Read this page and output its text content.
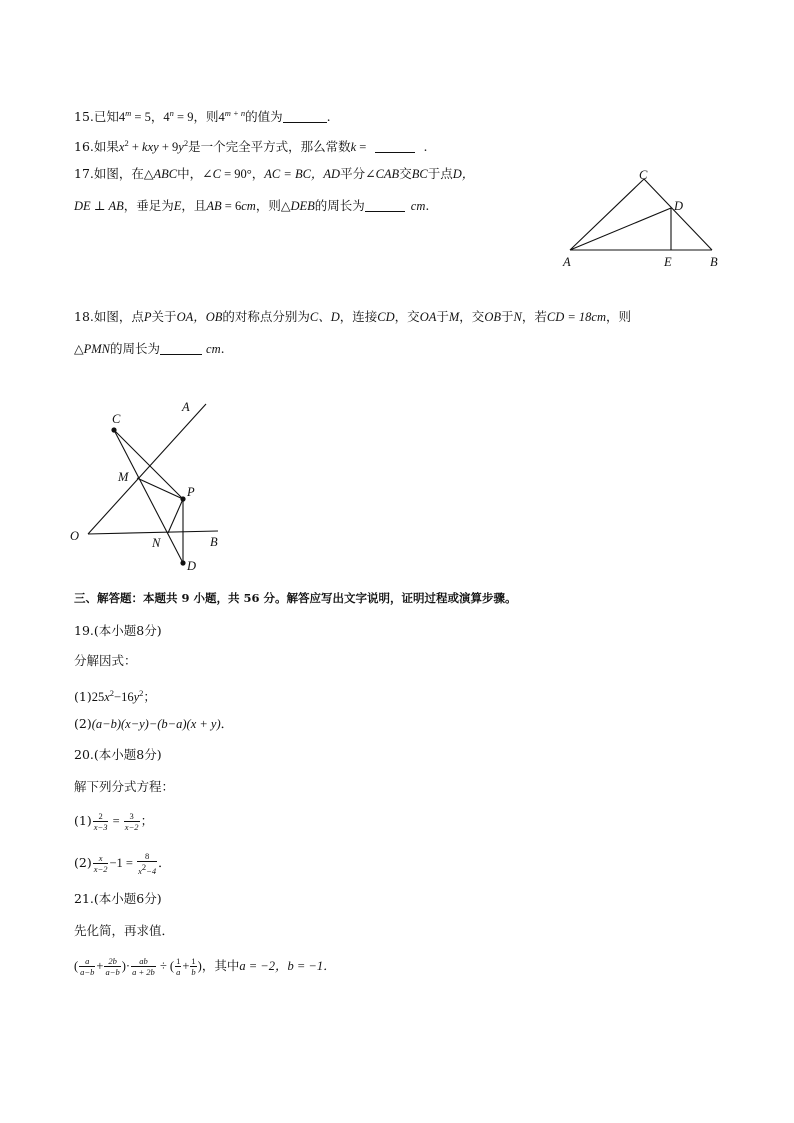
15.已知$4^m = 5$，$4^n = 9$，则$4^{m + n}$的值为	.
16.如果$x^2$ + kxy + $9y^2$是一个完全平方式，那么常数k =	.
17.如图，在△ABC中，∠C = 90°，AC = BC，AD平分∠CAB交BC于点D，
DE ⊥ AB，垂足为E，且AB = 6cm，则△DEB的周长为	cm.
C
D
A	E	B
18.如图，点P关于OA，OB的对称点分别为C、D，连接CD，交OA于M，交OB于N，若CD = 18cm，则
△PMN的周长为	cm.
C
A
M
P
O	N	B
D
三、解答题：本题共 9 小题，共 56 分。解答应写出文字说明，证明过程或演算步骤。
19.(本小题8分)
分解因式：
$(1)25x^2-16y^2$；
(2)(a−b)(x−y)−(b−a)(x + y)．
20.(本小题8分)
解下列分式方程：
$(1) \frac{2}{x-3} = \frac{3}{x-2}$ ；
$(2) \frac{x}{x-2} -1 = \frac{8}{x^2-4}$ ．
21.(本小题6分)
先化简，再求值．
( $\frac{a}{a-b} + \frac{2b}{a-b}$ )· $\frac{ab}{a + 2b}$ ÷ ( $\frac{1}{a} + \frac{1}{b}$ )，其中a = −2，b = −1．
